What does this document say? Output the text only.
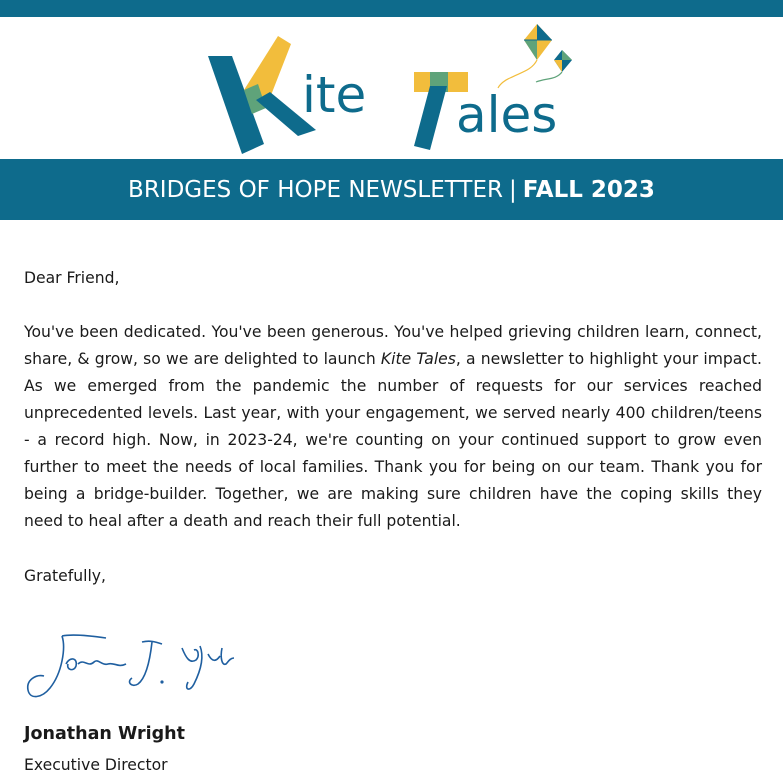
ite ales
BRIDGES OF HOPE NEWSLETTER | FALL 2023

Dear Friend,

You've been dedicated. You've been generous. You've helped grieving children learn, connect, share, & grow, so we are delighted to launch Kite Tales, a newsletter to highlight your impact. As we emerged from the pandemic the number of requests for our services reached unprecedented levels. Last year, with your engagement, we served nearly 400 children/teens - a record high. Now, in 2023-24, we're counting on your continued support to grow even further to meet the needs of local families. Thank you for being on our team. Thank you for being a bridge-builder. Together, we are making sure children have the coping skills they need to heal after a death and reach their full potential.

Gratefully,

Jonathan Wright
Executive Director
